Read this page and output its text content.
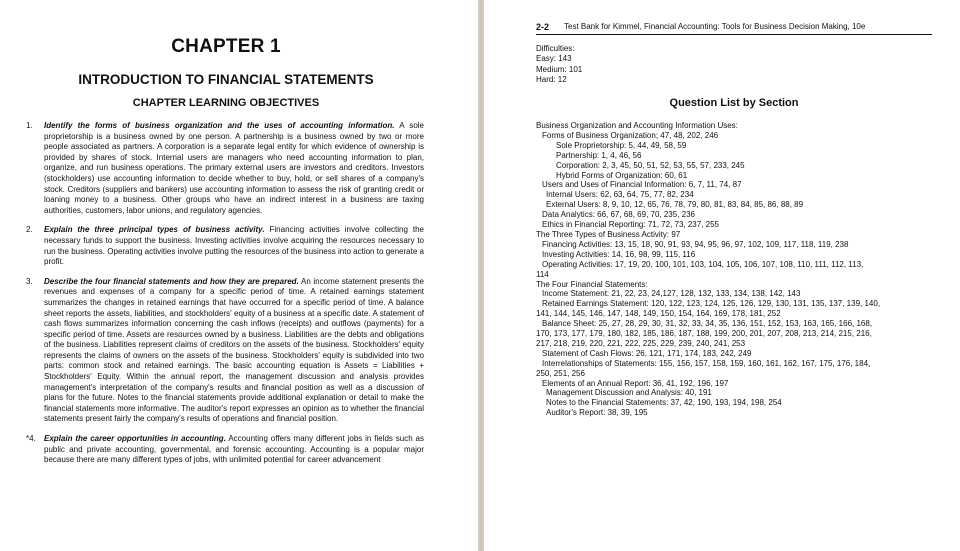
CHAPTER 1
INTRODUCTION TO FINANCIAL STATEMENTS
CHAPTER LEARNING OBJECTIVES
1. Identify the forms of business organization and the uses of accounting information. A sole proprietorship is a business owned by one person. A partnership is a business owned by two or more people associated as partners. A corporation is a separate legal entity for which evidence of ownership is provided by shares of stock. Internal users are managers who need accounting information to plan, organize, and run business operations. The primary external users are investors and creditors. Investors (stockholders) use accounting information to decide whether to buy, hold, or sell shares of a company's stock. Creditors (suppliers and bankers) use accounting information to assess the risk of granting credit or loaning money to a business. Other groups who have an indirect interest in a business are taxing authorities, customers, labor unions, and regulatory agencies.
2. Explain the three principal types of business activity. Financing activities involve collecting the necessary funds to support the business. Investing activities involve acquiring the resources necessary to run the business. Operating activities involve putting the resources of the business into action to generate a profit.
3. Describe the four financial statements and how they are prepared. An income statement presents the revenues and expenses of a company for a specific period of time. A retained earnings statement summarizes the changes in retained earnings that have occurred for a specific period of time. A balance sheet reports the assets, liabilities, and stockholders' equity of a business at a specific date. A statement of cash flows summarizes information concerning the cash inflows (receipts) and outflows (payments) for a specific period of time. Assets are resources owned by a business. Liabilities are the debts and obligations of the business. Liabilities represent claims of creditors on the assets of the business. Stockholders' equity represents the claims of owners on the assets of the business. Stockholders' equity is subdivided into two parts: common stock and retained earnings. The basic accounting equation is Assets = Liabilities + Stockholders' Equity. Within the annual report, the management discussion and analysis provides management's interpretation of the company's results and financial position as well as a discussion of plans for the future. Notes to the financial statements provide additional explanation or detail to make the financial statements more informative. The auditor's report expresses an opinion as to whether the financial statements present fairly the company's results of operations and financial position.
*4. Explain the career opportunities in accounting. Accounting offers many different jobs in fields such as public and private accounting, governmental, and forensic accounting. Accounting is a popular major because there are many different types of jobs, with unlimited potential for career advancement
2-2 Test Bank for Kimmel, Financial Accounting: Tools for Business Decision Making, 10e
Difficulties:
Easy: 143
Medium: 101
Hard: 12
Question List by Section
Business Organization and Accounting Information Uses:
Forms of Business Organization; 47, 48, 202, 246
Sole Proprietorship: 5, 44, 49, 58, 59
Partnership: 1, 4, 46, 56
Corporation: 2, 3, 45, 50, 51, 52, 53, 55, 57, 233, 245
Hybrid Forms of Organization: 60, 61
Users and Uses of Financial Information: 6, 7, 11, 74, 87
Internal Users: 62, 63, 64, 75, 77, 82, 234
External Users: 8, 9, 10, 12, 65, 76, 78, 79, 80, 81, 83, 84, 85, 86, 88, 89
Data Analytics: 66, 67, 68, 69, 70, 235, 236
Ethics in Financial Reporting: 71, 72, 73, 237, 255
The Three Types of Business Activity: 97
Financing Activities: 13, 15, 18, 90, 91, 93, 94, 95, 96, 97, 102, 109, 117, 118, 119, 238
Investing Activities: 14, 16, 98, 99, 115, 116
Operating Activities: 17, 19, 20, 100, 101, 103, 104, 105, 106, 107, 108, 110, 111, 112, 113,
114
The Four Financial Statements:
Income Statement: 21, 22, 23, 24,127, 128, 132, 133, 134, 138, 142, 143
Retained Earnings Statement: 120, 122, 123, 124, 125, 126, 129, 130, 131, 135, 137, 139, 140,
141, 144, 145, 146, 147, 148, 149, 150, 154, 164, 169, 178, 181, 252
Balance Sheet: 25, 27, 28, 29, 30, 31, 32, 33, 34, 35, 136, 151, 152, 153, 163, 165, 166, 168,
170, 173, 177, 179, 180, 182, 185, 186, 187, 188, 199, 200, 201, 207, 208, 213, 214, 215, 216,
217, 218, 219, 220, 221, 222, 225, 229, 239, 240, 241, 253
Statement of Cash Flows: 26, 121, 171, 174, 183, 242, 249
Interrelationships of Statements: 155, 156, 157, 158, 159, 160, 161, 162, 167, 175, 176, 184,
250, 251, 256
Elements of an Annual Report: 36, 41, 192, 196, 197
Management Discussion and Analysis: 40, 191
Notes to the Financial Statements: 37, 42, 190, 193, 194, 198, 254
Auditor's Report: 38, 39, 195
